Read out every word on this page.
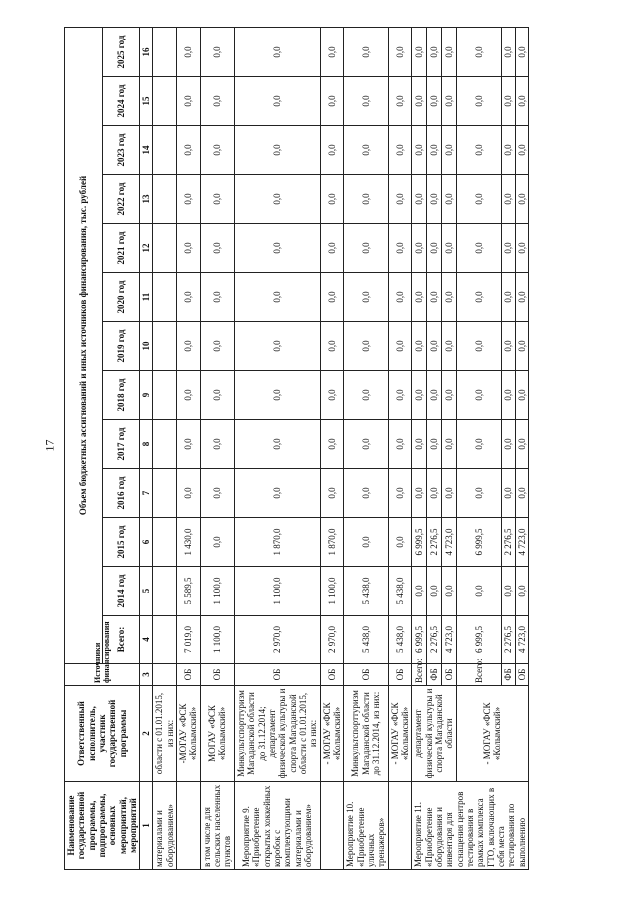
17
Наименование государственной программы, подпрограммы, основных мероприятий, мероприятий	Ответственный исполнитель, участник государственной программы	Источники финансирования	Объем бюджетных ассигнований и иных источников финансирования, тыс. рублей												
			Всего:	2014 год	2015 год	2016 год	2017 год	2018 год	2019 год	2020 год	2021 год	2022 год	2023 год	2024 год	2025 год
1	2	3	4	5	6	7	8	9	10	11	12	13	14	15	16
материалами и оборудованием»	области с 01.01.2015, из них:														
	-МОГАУ «ФСК «Колымский»	ОБ	7 019,0	5 589,5	1 430,0	0,0	0,0	0,0	0,0	0,0	0,0	0,0	0,0	0,0	0,0
в том числе для сельских населенных пунктов	МОГАУ «ФСК «Колымский»	ОБ	1 100,0	1 100,0	0,0	0,0	0,0	0,0	0,0	0,0	0,0	0,0	0,0	0,0	0,0
Мероприятие 9. «Приобретение открытых хоккейных коробок с комплектующими материалами и оборудованием»	Минкультспорттуризм Магаданской области до 31.12.2014; департамент физической культуры и спорта Магаданской области с 01.01.2015, из них:	ОБ	2 970,0	1 100,0	1 870,0	0,0	0,0	0,0	0,0	0,0	0,0	0,0	0,0	0,0	0,0
	- МОГАУ «ФСК «Колымский»	ОБ	2 970,0	1 100,0	1 870,0	0,0	0,0	0,0	0,0	0,0	0,0	0,0	0,0	0,0	0,0
Мероприятие 10. «Приобретение уличных тренажеров»	Минкультспорттуризм Магаданской области до 31.12.2014, из них:	ОБ	5 438,0	5 438,0	0,0	0,0	0,0	0,0	0,0	0,0	0,0	0,0	0,0	0,0	0,0
	- МОГАУ «ФСК «Колымский»	ОБ	5 438,0	5 438,0	0,0	0,0	0,0	0,0	0,0	0,0	0,0	0,0	0,0	0,0	0,0
Мероприятие 11. «Приобретение оборудования и инвентаря для оснащения центров тестирования в рамках комплекса ГТО, включающих в себя места тестирования по выполнению	департамент физической культуры и спорта Магаданской области	Всего:	6 999,5	0,0	6 999,5	0,0	0,0	0,0	0,0	0,0	0,0	0,0	0,0	0,0	0,0
		ФБ	2 276,5	0,0	2 276,5	0,0	0,0	0,0	0,0	0,0	0,0	0,0	0,0	0,0	0,0
		ОБ	4 723,0	0,0	4 723,0	0,0	0,0	0,0	0,0	0,0	0,0	0,0	0,0	0,0	0,0
	- МОГАУ «ФСК «Колымский»	Всего:	6 999,5	0,0	6 999,5	0,0	0,0	0,0	0,0	0,0	0,0	0,0	0,0	0,0	0,0
		ФБ	2 276,5	0,0	2 276,5	0,0	0,0	0,0	0,0	0,0	0,0	0,0	0,0	0,0	0,0
		ОБ	4 723,0	0,0	4 723,0	0,0	0,0	0,0	0,0	0,0	0,0	0,0	0,0	0,0	0,0
